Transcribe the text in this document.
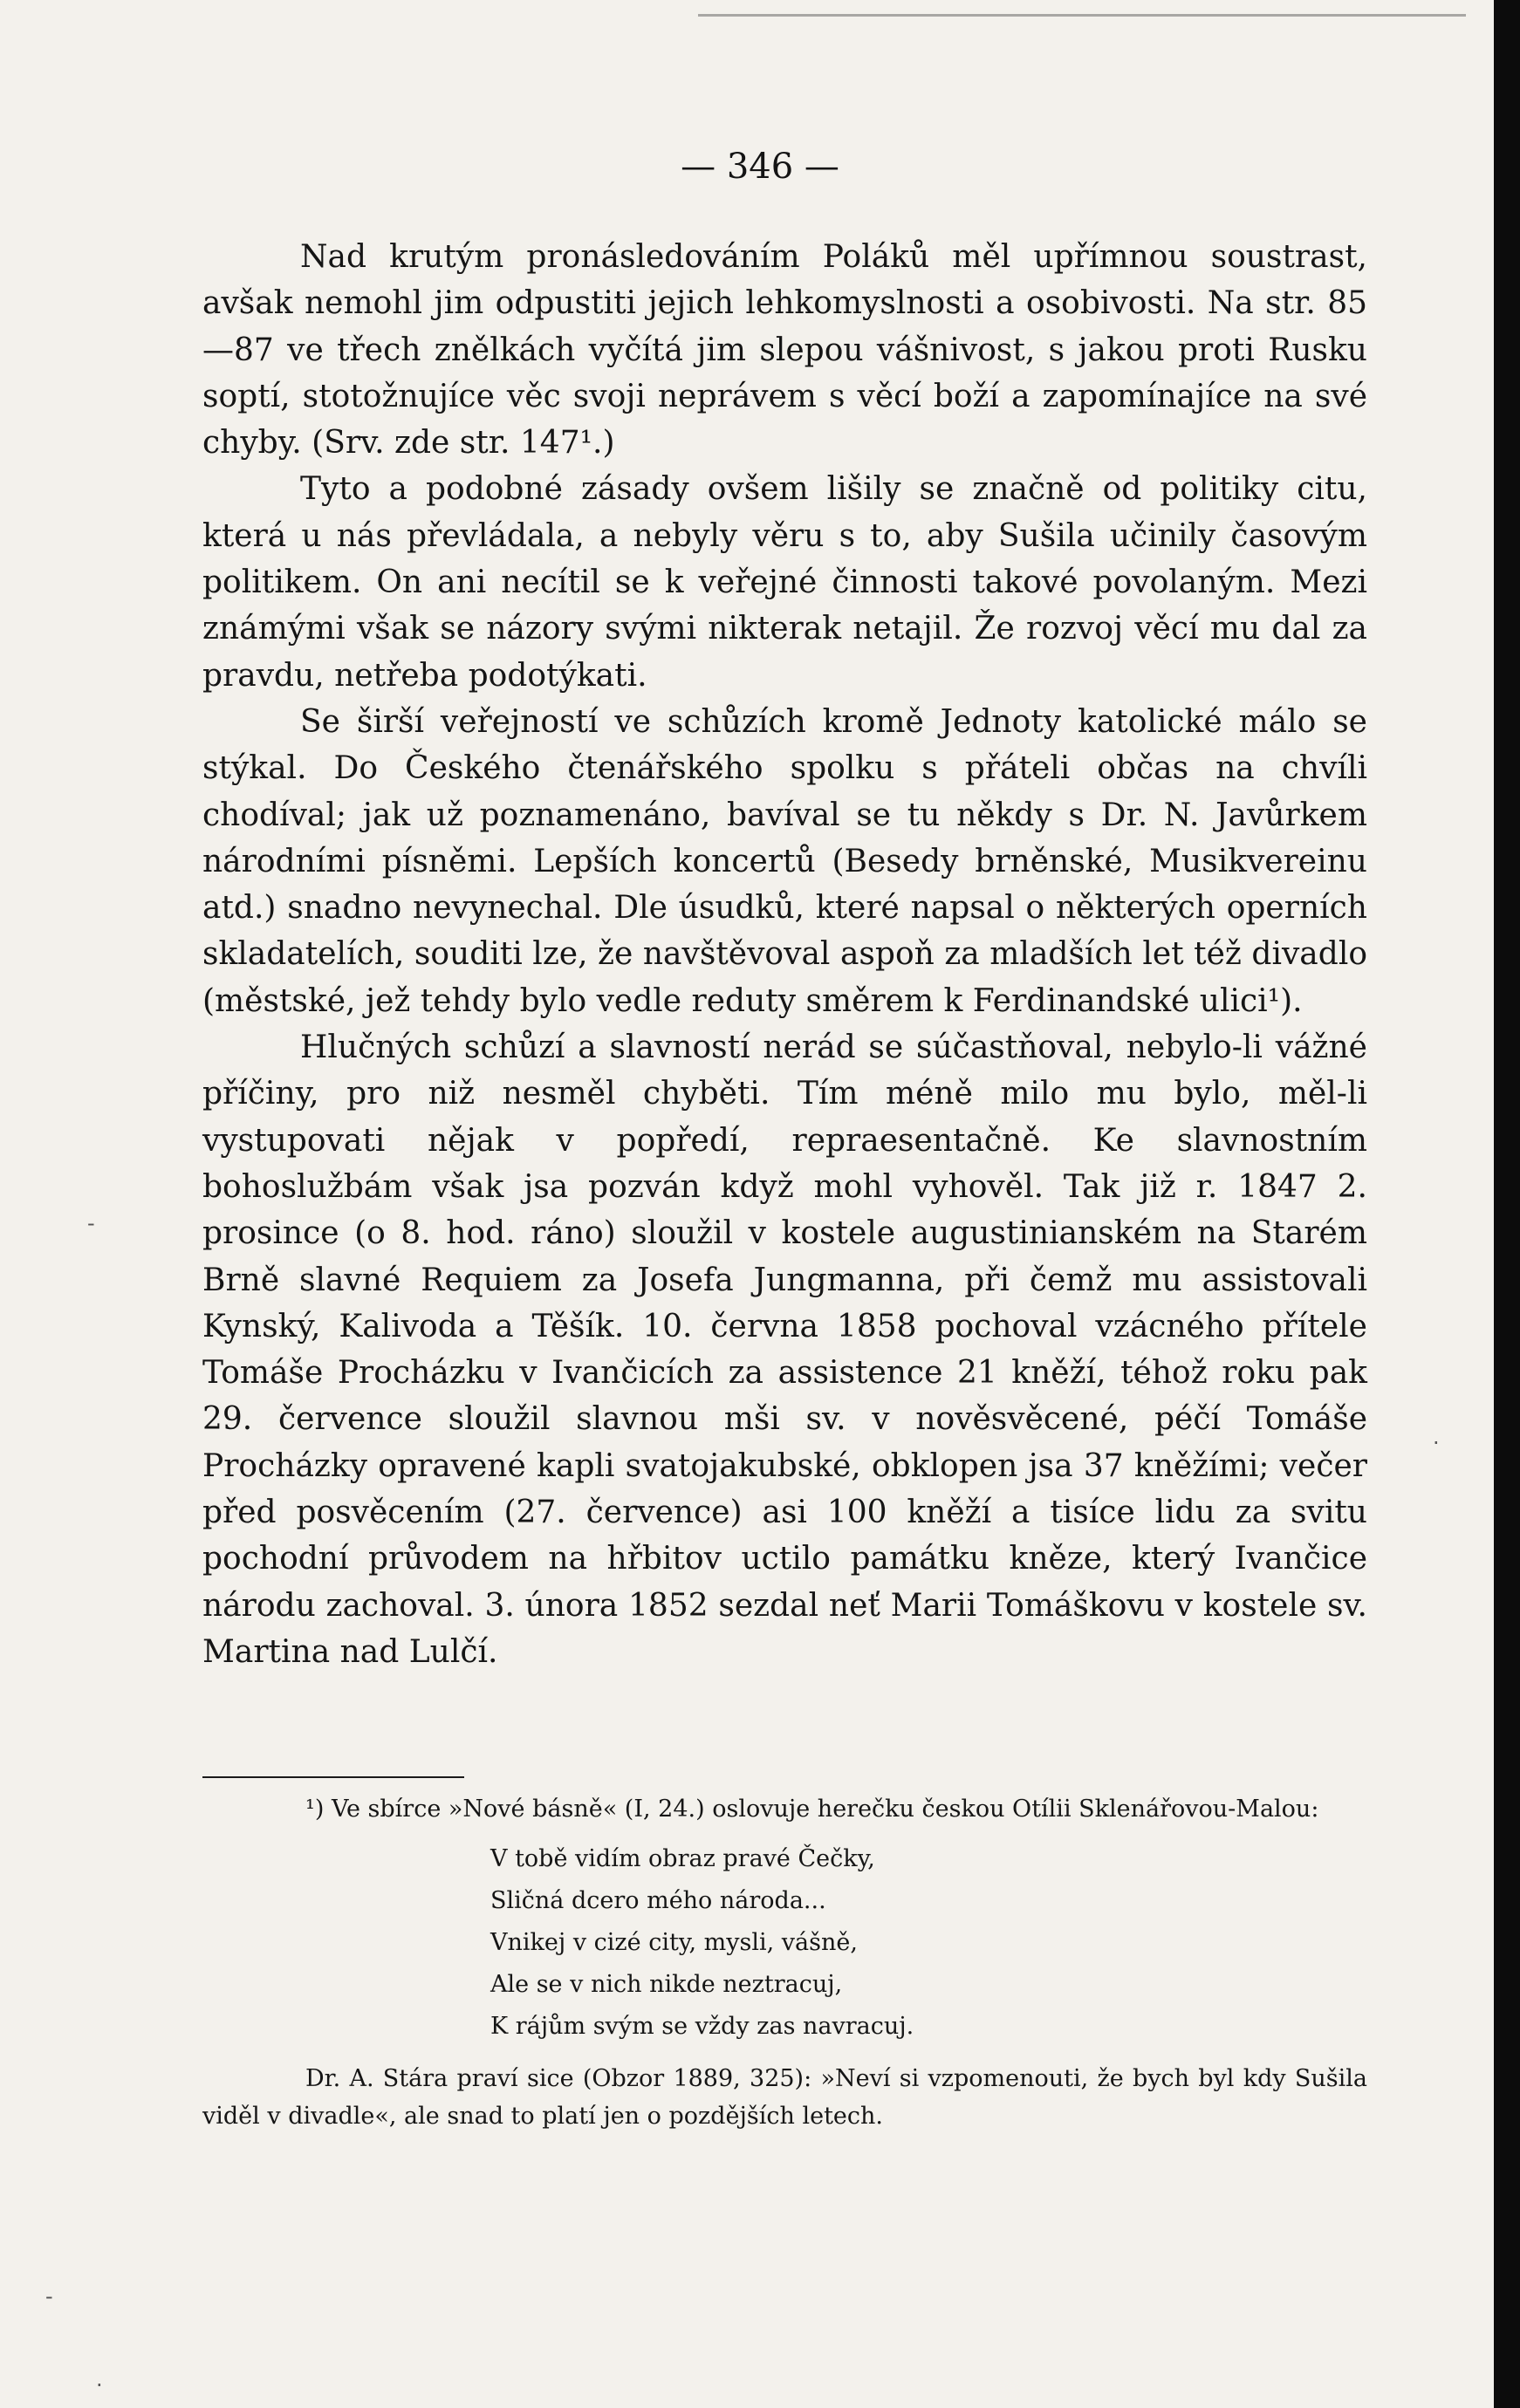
— 346 —

Nad krutým pronásledováním Poláků měl upřímnou soustrast, avšak nemohl jim odpustiti jejich lehkomyslnosti a osobivosti. Na str. 85—87 ve třech znělkách vyčítá jim slepou vášnivost, s jakou proti Rusku soptí, stotožnujíce věc svoji neprávem s věcí boží a zapomínajíce na své chyby. (Srv. zde str. 147¹.)

Tyto a podobné zásady ovšem lišily se značně od politiky citu, která u nás převládala, a nebyly věru s to, aby Sušila učinily časovým politikem. On ani necítil se k veřejné činnosti takové povolaným. Mezi známými však se názory svými nikterak netajil. Že rozvoj věcí mu dal za pravdu, netřeba podotýkati.

Se širší veřejností ve schůzích kromě Jednoty katolické málo se stýkal. Do Českého čtenářského spolku s přáteli občas na chvíli chodíval; jak už poznamenáno, bavíval se tu někdy s Dr. N. Javůrkem národními písněmi. Lepších koncertů (Besedy brněnské, Musikvereinu atd.) snadno nevynechal. Dle úsudků, které napsal o některých operních skladatelích, souditi lze, že navštěvoval aspoň za mladších let též divadlo (městské, jež tehdy bylo vedle reduty směrem k Ferdinandské ulici¹).

Hlučných schůzí a slavností nerád se súčastňoval, nebylo-li vážné příčiny, pro niž nesměl chyběti. Tím méně milo mu bylo, měl-li vystupovati nějak v popředí, repraesentačně. Ke slavnostním bohoslužbám však jsa pozván když mohl vyhověl. Tak již r. 1847 2. prosince (o 8. hod. ráno) sloužil v kostele augustinianském na Starém Brně slavné Requiem za Josefa Jungmanna, při čemž mu assistovali Kynský, Kalivoda a Těšík. 10. června 1858 pochoval vzácného přítele Tomáše Procházku v Ivančicích za assistence 21 kněží, téhož roku pak 29. července sloužil slavnou mši sv. v nověsvěcené, péčí Tomáše Procházky opravené kapli svatojakubské, obklopen jsa 37 kněžími; večer před posvěcením (27. července) asi 100 kněží a tisíce lidu za svitu pochodní průvodem na hřbitov uctilo památku kněze, který Ivančice národu zachoval. 3. února 1852 sezdal neť Marii Tomáškovu v kostele sv. Martina nad Lulčí.

¹) Ve sbírce »Nové básně« (I, 24.) oslovuje herečku českou Otílii Sklenářovou-Malou:

V tobě vidím obraz pravé Čečky,
Sličná dcero mého národa...
Vnikej v cizé city, mysli, vášně,
Ale se v nich nikde neztracuj,
K rájům svým se vždy zas navracuj.

Dr. A. Stára praví sice (Obzor 1889, 325): »Neví si vzpomenouti, že bych byl kdy Sušila viděl v divadle«, ale snad to platí jen o pozdějších letech.

-
·
-
·
